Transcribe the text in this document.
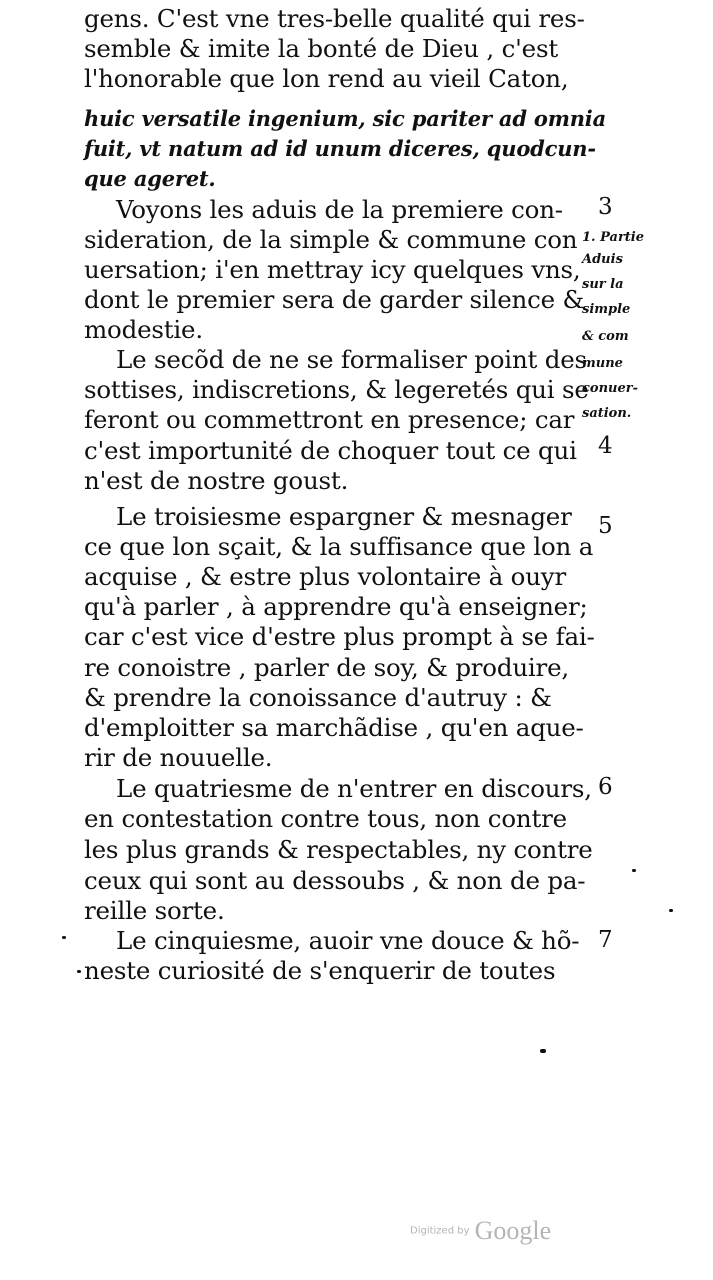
gens. C'est vne tres-belle qualité qui res-
semble & imite la bonté de Dieu , c'est
l'honorable que lon rend au vieil Caton,
huic versatile ingenium, sic pariter ad omnia
fuit, vt natum ad id unum diceres, quodcun-
que ageret.
Voyons les aduis de la premiere con-
sideration, de la simple & commune con
uersation; i'en mettray icy quelques vns,
dont le premier sera de garder silence &
modestie.
Le secõd de ne se formaliser point des
sottises, indiscretions, & legeretés qui se
feront ou commettront en presence; car
c'est importunité de choquer tout ce qui
n'est de nostre goust.
Le troisiesme espargner & mesnager
ce que lon sçait, & la suffisance que lon a
acquise , & estre plus volontaire à ouyr
qu'à parler , à apprendre qu'à enseigner;
car c'est vice d'estre plus prompt à se fai-
re conoistre , parler de soy, & produire,
& prendre la conoissance d'autruy : &
d'emploitter sa marchãdise , qu'en aque-
rir de nouuelle.
Le quatriesme de n'entrer en discours,
en contestation contre tous, non contre
les plus grands & respectables, ny contre
ceux qui sont au dessoubs , & non de pa-
reille sorte.
Le cinquiesme, auoir vne douce & hõ-
neste curiosité de s'enquerir de toutes
3
4
5
6
7
1. Partie
Aduis
sur la
simple
& com
mune
conuer-
sation.
Digitized by Google
